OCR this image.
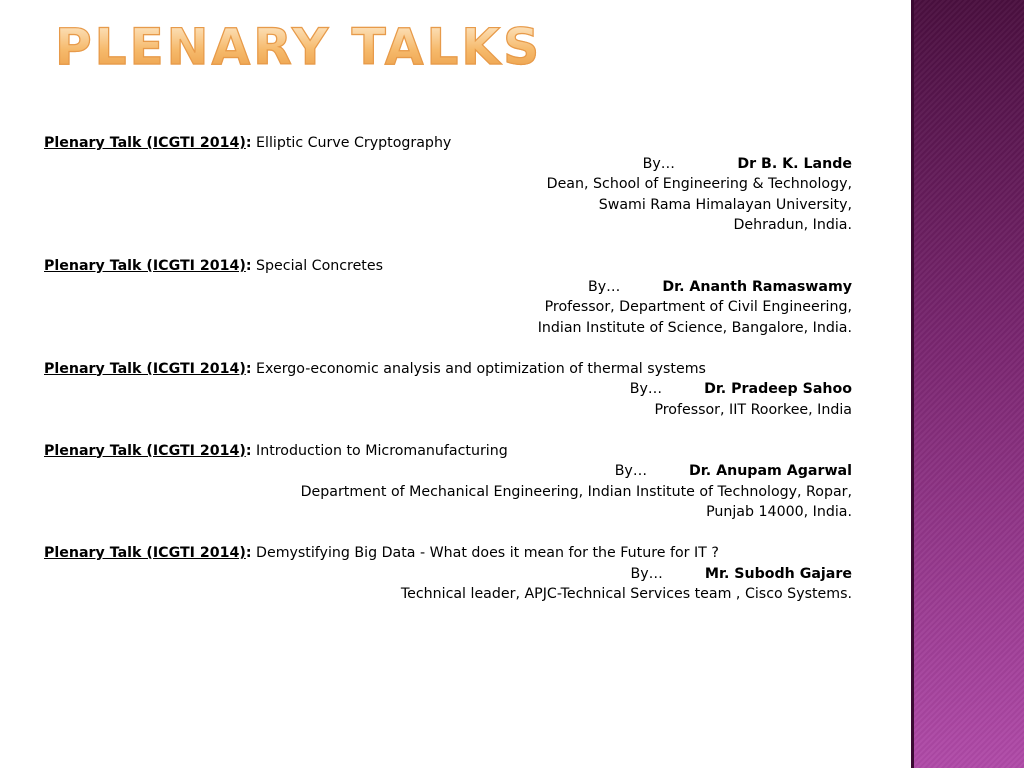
PLENARY TALKS
Plenary Talk (ICGTI 2014): Elliptic Curve Cryptography
By…	Dr B. K. Lande
Dean, School of Engineering & Technology,
Swami Rama Himalayan University,
Dehradun, India.
Plenary Talk (ICGTI 2014): Special Concretes
By…	Dr. Ananth Ramaswamy
Professor, Department of Civil Engineering,
Indian Institute of Science, Bangalore, India.
Plenary Talk (ICGTI 2014): Exergo-economic analysis and optimization of thermal systems
By…	Dr. Pradeep Sahoo
Professor, IIT Roorkee, India
Plenary Talk (ICGTI 2014): Introduction to Micromanufacturing
By…	Dr. Anupam Agarwal
Department of Mechanical Engineering, Indian Institute of Technology, Ropar,
Punjab 14000, India.
Plenary Talk (ICGTI 2014): Demystifying Big Data - What does it mean for the Future for IT ?
By…	Mr. Subodh Gajare
Technical leader, APJC-Technical Services team , Cisco Systems.
